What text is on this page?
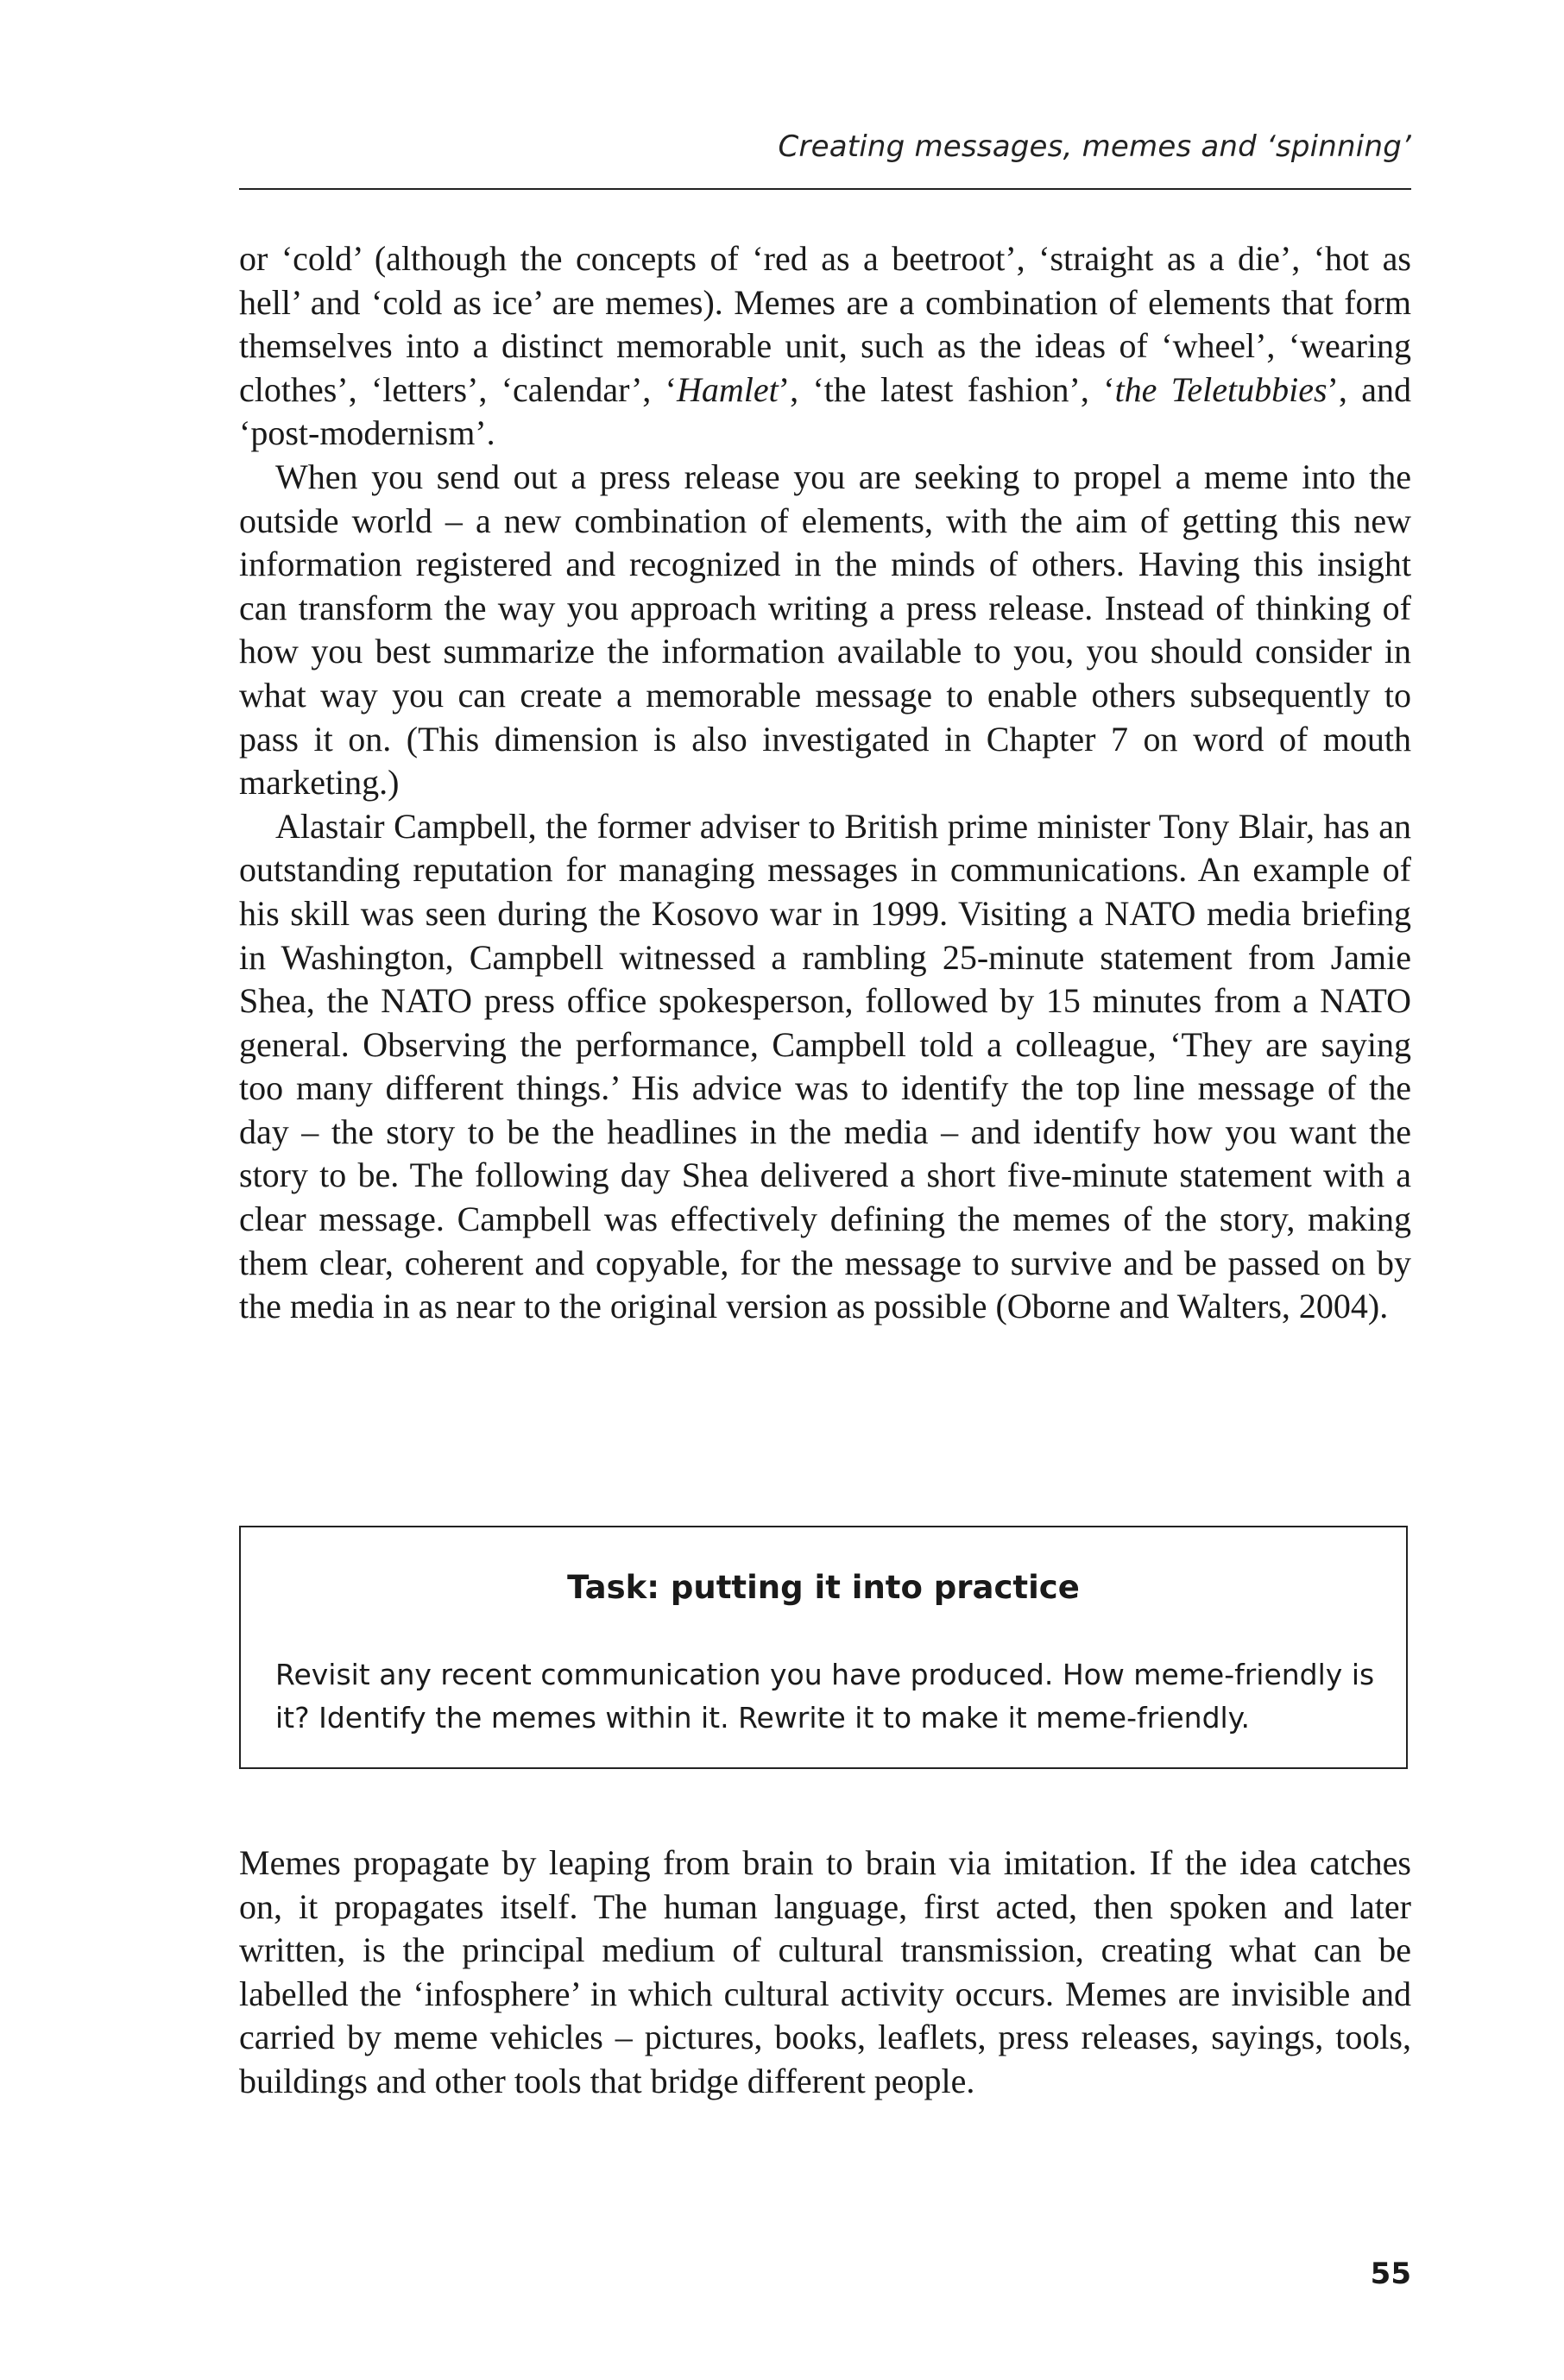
Creating messages, memes and ‘spinning’

or ‘cold’ (although the concepts of ‘red as a beetroot’, ‘straight as a die’, ‘hot as hell’ and ‘cold as ice’ are memes). Memes are a combination of elements that form themselves into a distinct memorable unit, such as the ideas of ‘wheel’, ‘wearing clothes’, ‘letters’, ‘calendar’, ‘Hamlet’, ‘the latest fashion’, ‘the Teletubbies’, and ‘post-modernism’.

When you send out a press release you are seeking to propel a meme into the outside world – a new combination of elements, with the aim of getting this new information registered and recognized in the minds of others. Having this insight can transform the way you approach writing a press release. Instead of thinking of how you best summarize the information available to you, you should consider in what way you can create a memorable message to enable others subsequently to pass it on. (This dimension is also investigated in Chapter 7 on word of mouth marketing.)

Alastair Campbell, the former adviser to British prime minister Tony Blair, has an outstanding reputation for managing messages in communications. An example of his skill was seen during the Kosovo war in 1999. Visiting a NATO media briefing in Washington, Campbell witnessed a rambling 25-minute statement from Jamie Shea, the NATO press office spokesperson, followed by 15 minutes from a NATO general. Observing the performance, Campbell told a colleague, ‘They are saying too many different things.’ His advice was to identify the top line message of the day – the story to be the headlines in the media – and identify how you want the story to be. The following day Shea delivered a short five-minute statement with a clear message. Campbell was effectively defining the memes of the story, making them clear, coherent and copyable, for the message to survive and be passed on by the media in as near to the original version as possible (Oborne and Walters, 2004).

Task: putting it into practice
Revisit any recent communication you have produced. How meme-friendly is it? Identify the memes within it. Rewrite it to make it meme-friendly.

Memes propagate by leaping from brain to brain via imitation. If the idea catches on, it propagates itself. The human language, first acted, then spoken and later written, is the principal medium of cultural transmission, creating what can be labelled the ‘infosphere’ in which cultural activity occurs. Memes are invisible and carried by meme vehicles – pictures, books, leaflets, press releases, sayings, tools, buildings and other tools that bridge different people.

55
